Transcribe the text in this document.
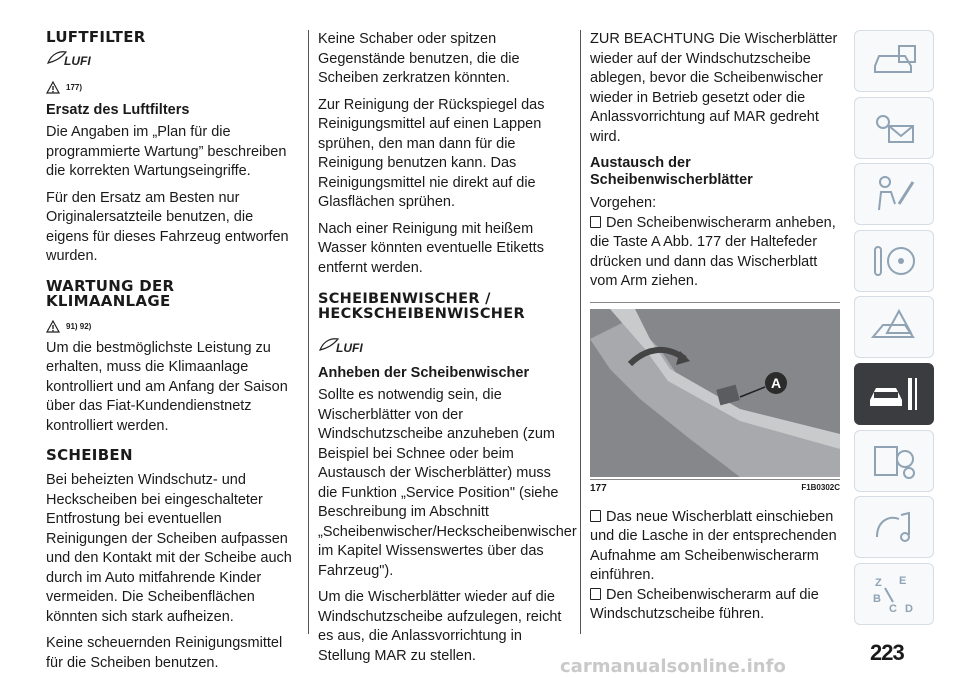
LUFTFILTER
LUFI
177)
Ersatz des Luftfilters

Die Angaben im „Plan für die programmierte Wartung” beschreiben die korrekten Wartungseingriffe.

Für den Ersatz am Besten nur Originalersatzteile benutzen, die eigens für dieses Fahrzeug entworfen wurden.

WARTUNG DER KLIMAANLAGE
91) 92)

Um die bestmöglichste Leistung zu erhalten, muss die Klimaanlage kontrolliert und am Anfang der Saison über das Fiat-Kundendienstnetz kontrolliert werden.

SCHEIBEN

Bei beheizten Windschutz- und Heckscheiben bei eingeschalteter Entfrostung bei eventuellen Reinigungen der Scheiben aufpassen und den Kontakt mit der Scheibe auch durch im Auto mitfahrende Kinder vermeiden. Die Scheibenflächen könnten sich stark aufheizen.

Keine scheuernden Reinigungsmittel für die Scheiben benutzen.

Keine Schaber oder spitzen Gegenstände benutzen, die die Scheiben zerkratzen könnten.

Zur Reinigung der Rückspiegel das Reinigungsmittel auf einen Lappen sprühen, den man dann für die Reinigung benutzen kann. Das Reinigungsmittel nie direkt auf die Glasflächen sprühen.

Nach einer Reinigung mit heißem Wasser könnten eventuelle Etiketts entfernt werden.

SCHEIBENWISCHER / HECKSCHEIBENWISCHER
LUFI
Anheben der Scheibenwischer

Sollte es notwendig sein, die Wischerblätter von der Windschutzscheibe anzuheben (zum Beispiel bei Schnee oder beim Austausch der Wischerblätter) muss die Funktion „Service Position" (siehe Beschreibung im Abschnitt „Scheibenwischer/Heckscheibenwischer im Kapitel Wissenswertes über das Fahrzeug").

Um die Wischerblätter wieder auf die Windschutzscheibe aufzulegen, reicht es aus, die Anlassvorrichtung in Stellung MAR zu stellen.

ZUR BEACHTUNG Die Wischerblätter wieder auf der Windschutzscheibe ablegen, bevor die Scheibenwischer wieder in Betrieb gesetzt oder die Anlassvorrichtung auf MAR gedreht wird.

Austausch der Scheibenwischerblätter

Vorgehen:

Den Scheibenwischerarm anheben, die Taste A Abb. 177 der Haltefeder drücken und dann das Wischerblatt vom Arm ziehen.

A
177	F1B0302C

Das neue Wischerblatt einschieben und die Lasche in der entsprechenden Aufnahme am Scheibenwischerarm einführen.

Den Scheibenwischerarm auf die Windschutzscheibe führen.

Z E
B
C D
223
carmanualsonline.info
